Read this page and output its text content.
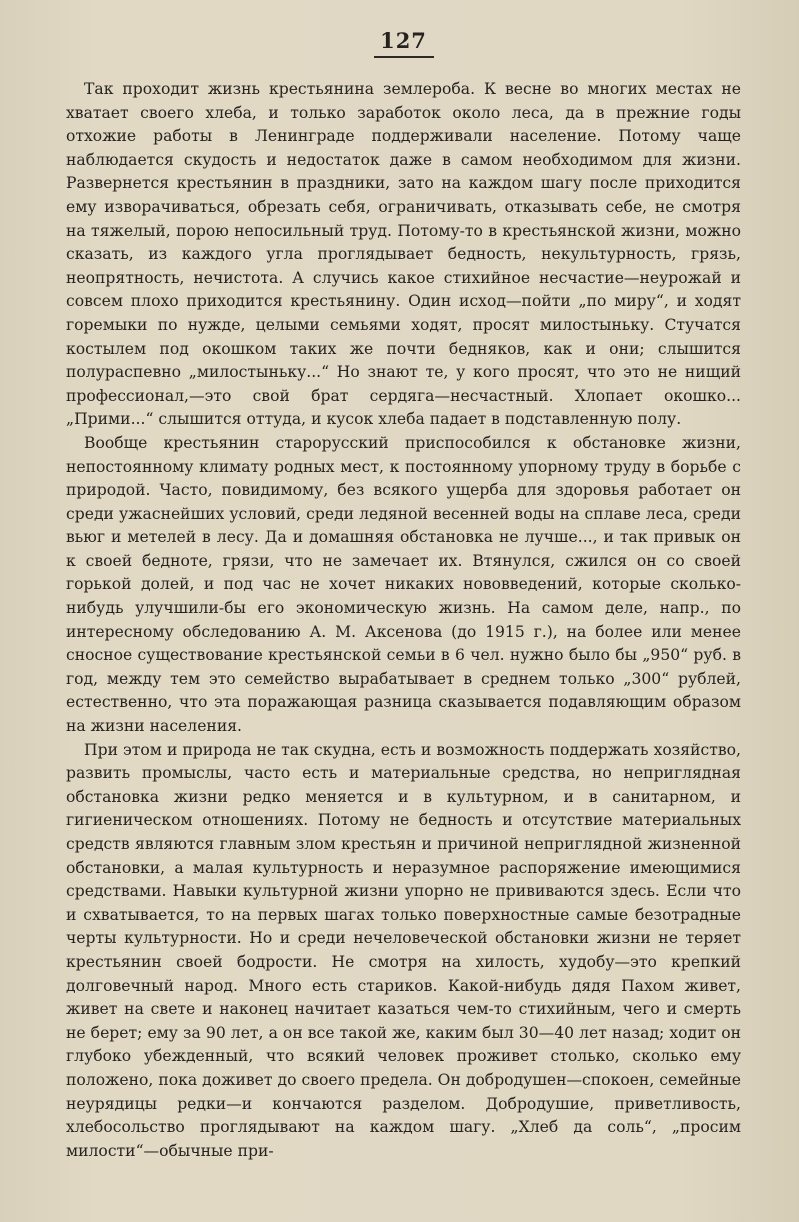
127

Так проходит жизнь крестьянина землероба. К весне во многих местах не хватает своего хлеба, и только заработок около леса, да в прежние годы отхожие работы в Ленинграде поддерживали население. Потому чаще наблюдается скудость и недостаток даже в самом необходимом для жизни. Развернется крестьянин в праздники, зато на каждом шагу после приходится ему изворачиваться, обрезать себя, ограничивать, отказывать себе, не смотря на тяжелый, порою непосильный труд. Потому-то в крестьянской жизни, можно сказать, из каждого угла проглядывает бедность, некультурность, грязь, неопрятность, нечистота. А случись какое стихийное несчастие—неурожай и совсем плохо приходится крестьянину. Один исход—пойти „по миру“, и ходят горемыки по нужде, целыми семьями ходят, просят милостыньку. Стучатся костылем под окошком таких же почти бедняков, как и они; слышится полураспевно „милостыньку...“ Но знают те, у кого просят, что это не нищий профессионал,—это свой брат сердяга—несчастный. Хлопает окошко... „Прими...“ слышится оттуда, и кусок хлеба падает в подставленную полу.

Вообще крестьянин старорусский приспособился к обстановке жизни, непостоянному климату родных мест, к постоянному упорному труду в борьбе с природой. Часто, повидимому, без всякого ущерба для здоровья работает он среди ужаснейших условий, среди ледяной весенней воды на сплаве леса, среди вьюг и метелей в лесу. Да и домашняя обстановка не лучше..., и так привык он к своей бедноте, грязи, что не замечает их. Втянулся, сжился он со своей горькой долей, и под час не хочет никаких нововведений, которые сколько-нибудь улучшили-бы его экономическую жизнь. На самом деле, напр., по интересному обследованию А. М. Аксенова (до 1915 г.), на более или менее сносное существование крестьянской семьи в 6 чел. нужно было бы „950“ руб. в год, между тем это семейство вырабатывает в среднем только „300“ рублей, естественно, что эта поражающая разница сказывается подавляющим образом на жизни населения.

При этом и природа не так скудна, есть и возможность поддержать хозяйство, развить промыслы, часто есть и материальные средства, но неприглядная обстановка жизни редко меняется и в культурном, и в санитарном, и гигиеническом отношениях. Потому не бедность и отсутствие материальных средств являются главным злом крестьян и причиной неприглядной жизненной обстановки, а малая культурность и неразумное распоряжение имеющимися средствами. Навыки культурной жизни упорно не прививаются здесь. Если что и схватывается, то на первых шагах только поверхностные самые безотрадные черты культурности. Но и среди нечеловеческой обстановки жизни не теряет крестьянин своей бодрости. Не смотря на хилость, худобу—это крепкий долговечный народ. Много есть стариков. Какой-нибудь дядя Пахом живет, живет на свете и наконец начитает казаться чем-то стихийным, чего и смерть не берет; ему за 90 лет, а он все такой же, каким был 30—40 лет назад; ходит он глубоко убежденный, что всякий человек проживет столько, сколько ему положено, пока доживет до своего предела. Он добродушен—спокоен, семейные неурядицы редки—и кончаются разделом. Добродушие, приветливость, хлебосольство проглядывают на каждом шагу. „Хлеб да соль“, „просим милости“—обычные при-
